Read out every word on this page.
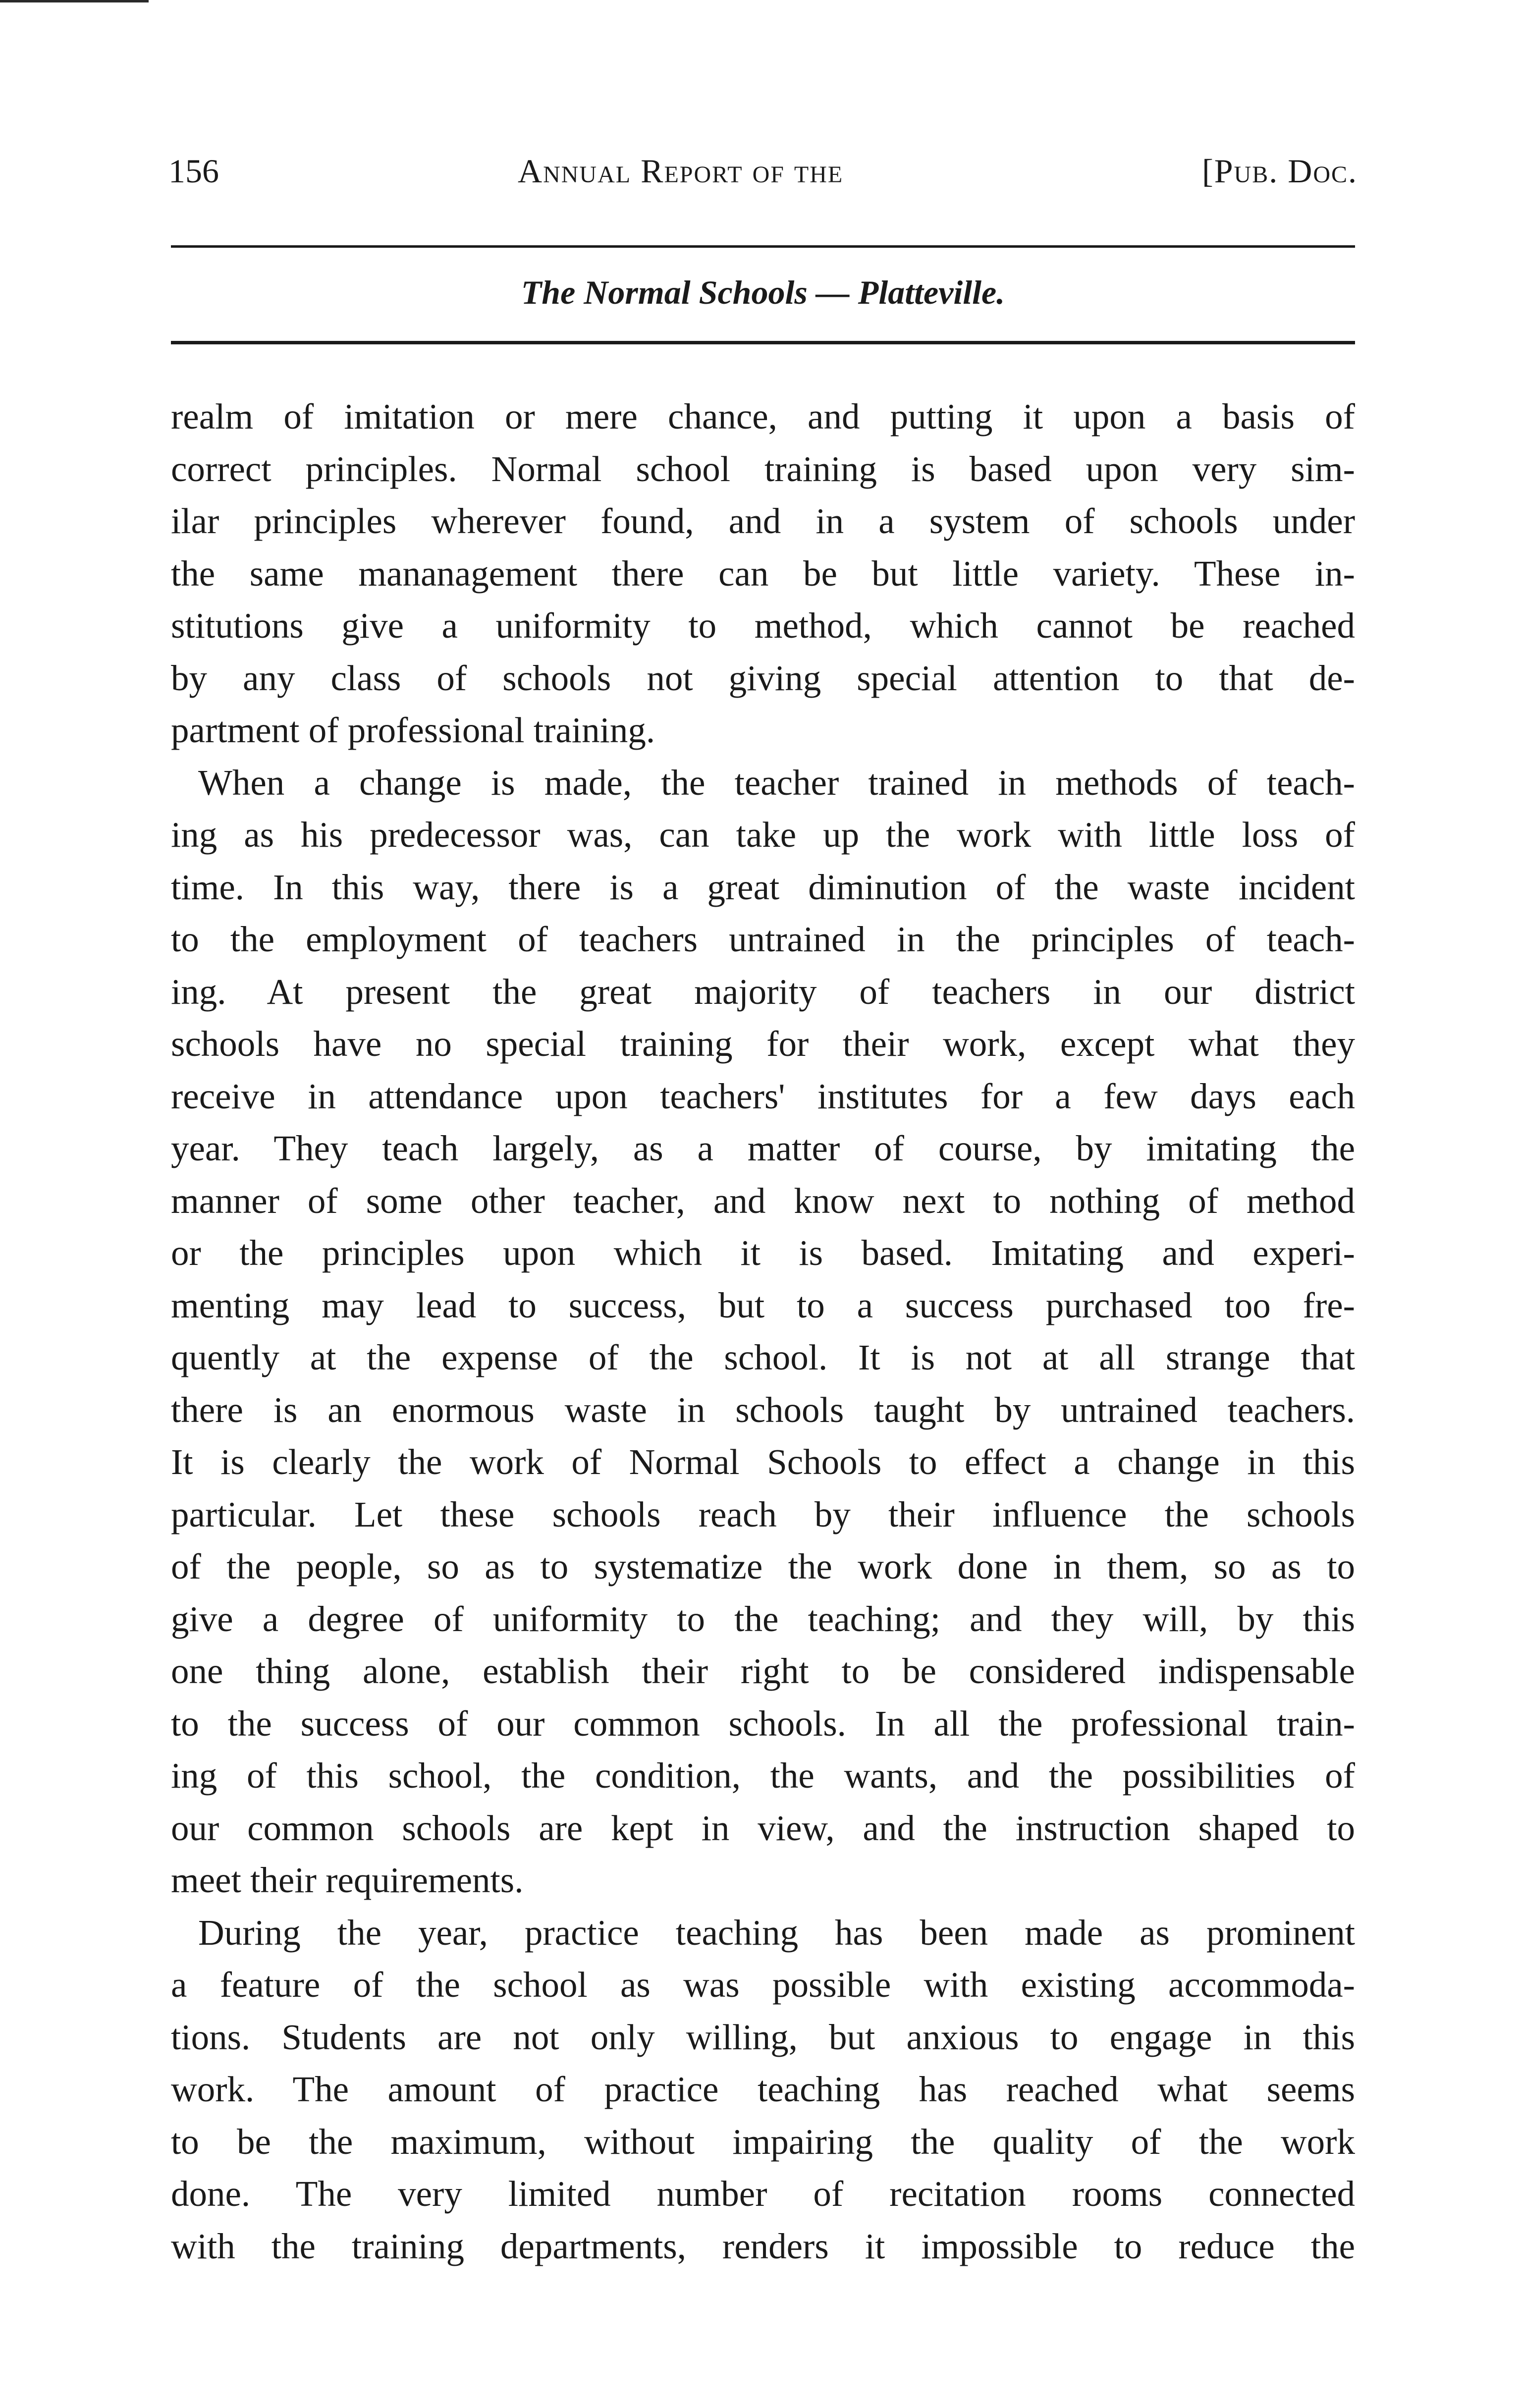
156	Annual Report of the	[Pub. Doc.
The Normal Schools — Platteville.

realm of imitation or mere chance, and putting it upon a basis of
correct principles. Normal school training is based upon very sim-
ilar principles wherever found, and in a system of schools under
the same mananagement there can be but little variety. These in-
stitutions give a uniformity to method, which cannot be reached
by any class of schools not giving special attention to that de-
partment of professional training.

When a change is made, the teacher trained in methods of teach-
ing as his predecessor was, can take up the work with little loss of
time. In this way, there is a great diminution of the waste incident
to the employment of teachers untrained in the principles of teach-
ing. At present the great majority of teachers in our district
schools have no special training for their work, except what they
receive in attendance upon teachers' institutes for a few days each
year. They teach largely, as a matter of course, by imitating the
manner of some other teacher, and know next to nothing of method
or the principles upon which it is based. Imitating and experi-
menting may lead to success, but to a success purchased too fre-
quently at the expense of the school. It is not at all strange that
there is an enormous waste in schools taught by untrained teachers.
It is clearly the work of Normal Schools to effect a change in this
particular. Let these schools reach by their influence the schools
of the people, so as to systematize the work done in them, so as to
give a degree of uniformity to the teaching; and they will, by this
one thing alone, establish their right to be considered indispensable
to the success of our common schools. In all the professional train-
ing of this school, the condition, the wants, and the possibilities of
our common schools are kept in view, and the instruction shaped to
meet their requirements.

During the year, practice teaching has been made as prominent
a feature of the school as was possible with existing accommoda-
tions. Students are not only willing, but anxious to engage in this
work. The amount of practice teaching has reached what seems
to be the maximum, without impairing the quality of the work
done. The very limited number of recitation rooms connected
with the training departments, renders it impossible to reduce the
